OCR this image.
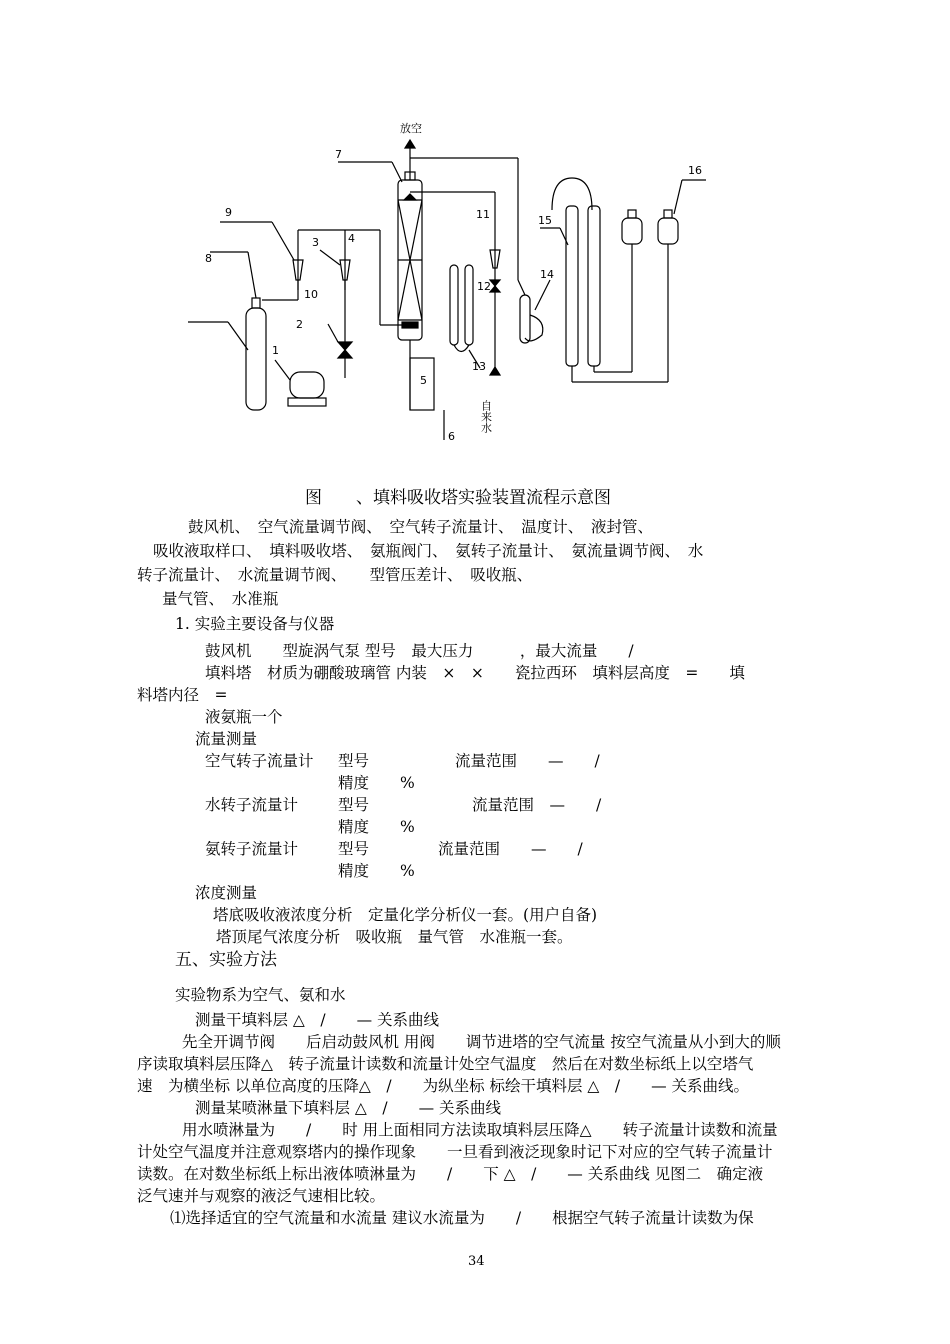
放空
7
9
8
3	4
10
2
1
5
6
11
12
13
14
15
16
自来水
图　　、填料吸收塔实验装置流程示意图
鼓风机、　空气流量调节阀、　空气转子流量计、　温度计、　液封管、
吸收液取样口、　填料吸收塔、　氨瓶阀门、　氨转子流量计、　氨流量调节阀、　水
转子流量计、　水流量调节阀、　　型管压差计、　吸收瓶、
量气管、　水准瓶
1. 实验主要设备与仪器
鼓风机　　型旋涡气泵 型号　最大压力　　　，最大流量　　/
填料塔　材质为硼酸玻璃管 内装　×　×　　瓷拉西环　填料层高度　=　　填
料塔内径　=
液氨瓶一个
流量测量
空气转子流量计 型号	流量范围　　—　　/
精度　　%
水转子流量计	型号	流量范围　—　　/
精度　　%
氨转子流量计	型号	流量范围　　—　　/
精度　　%
浓度测量
塔底吸收液浓度分析　定量化学分析仪一套。(用户自备)
塔顶尾气浓度分析　吸收瓶　量气管　水准瓶一套。
五、实验方法
实验物系为空气、氨和水
测量干填料层 △　/　　— 关系曲线
先全开调节阀　　后启动鼓风机 用阀　　调节进塔的空气流量 按空气流量从小到大的顺
序读取填料层压降△　转子流量计读数和流量计处空气温度　然后在对数坐标纸上以空塔气
速　为横坐标 以单位高度的压降△　/　　为纵坐标 标绘干填料层 △　/　　— 关系曲线。
测量某喷淋量下填料层 △　/　　— 关系曲线
用水喷淋量为　　/　　时 用上面相同方法读取填料层压降△　　转子流量计读数和流量
计处空气温度并注意观察塔内的操作现象　　一旦看到液泛现象时记下对应的空气转子流量计
读数。在对数坐标纸上标出液体喷淋量为　　/　　下 △　/　　— 关系曲线 见图二　确定液
泛气速并与观察的液泛气速相比较。
⑴选择适宜的空气流量和水流量 建议水流量为　　/　　根据空气转子流量计读数为保
34
